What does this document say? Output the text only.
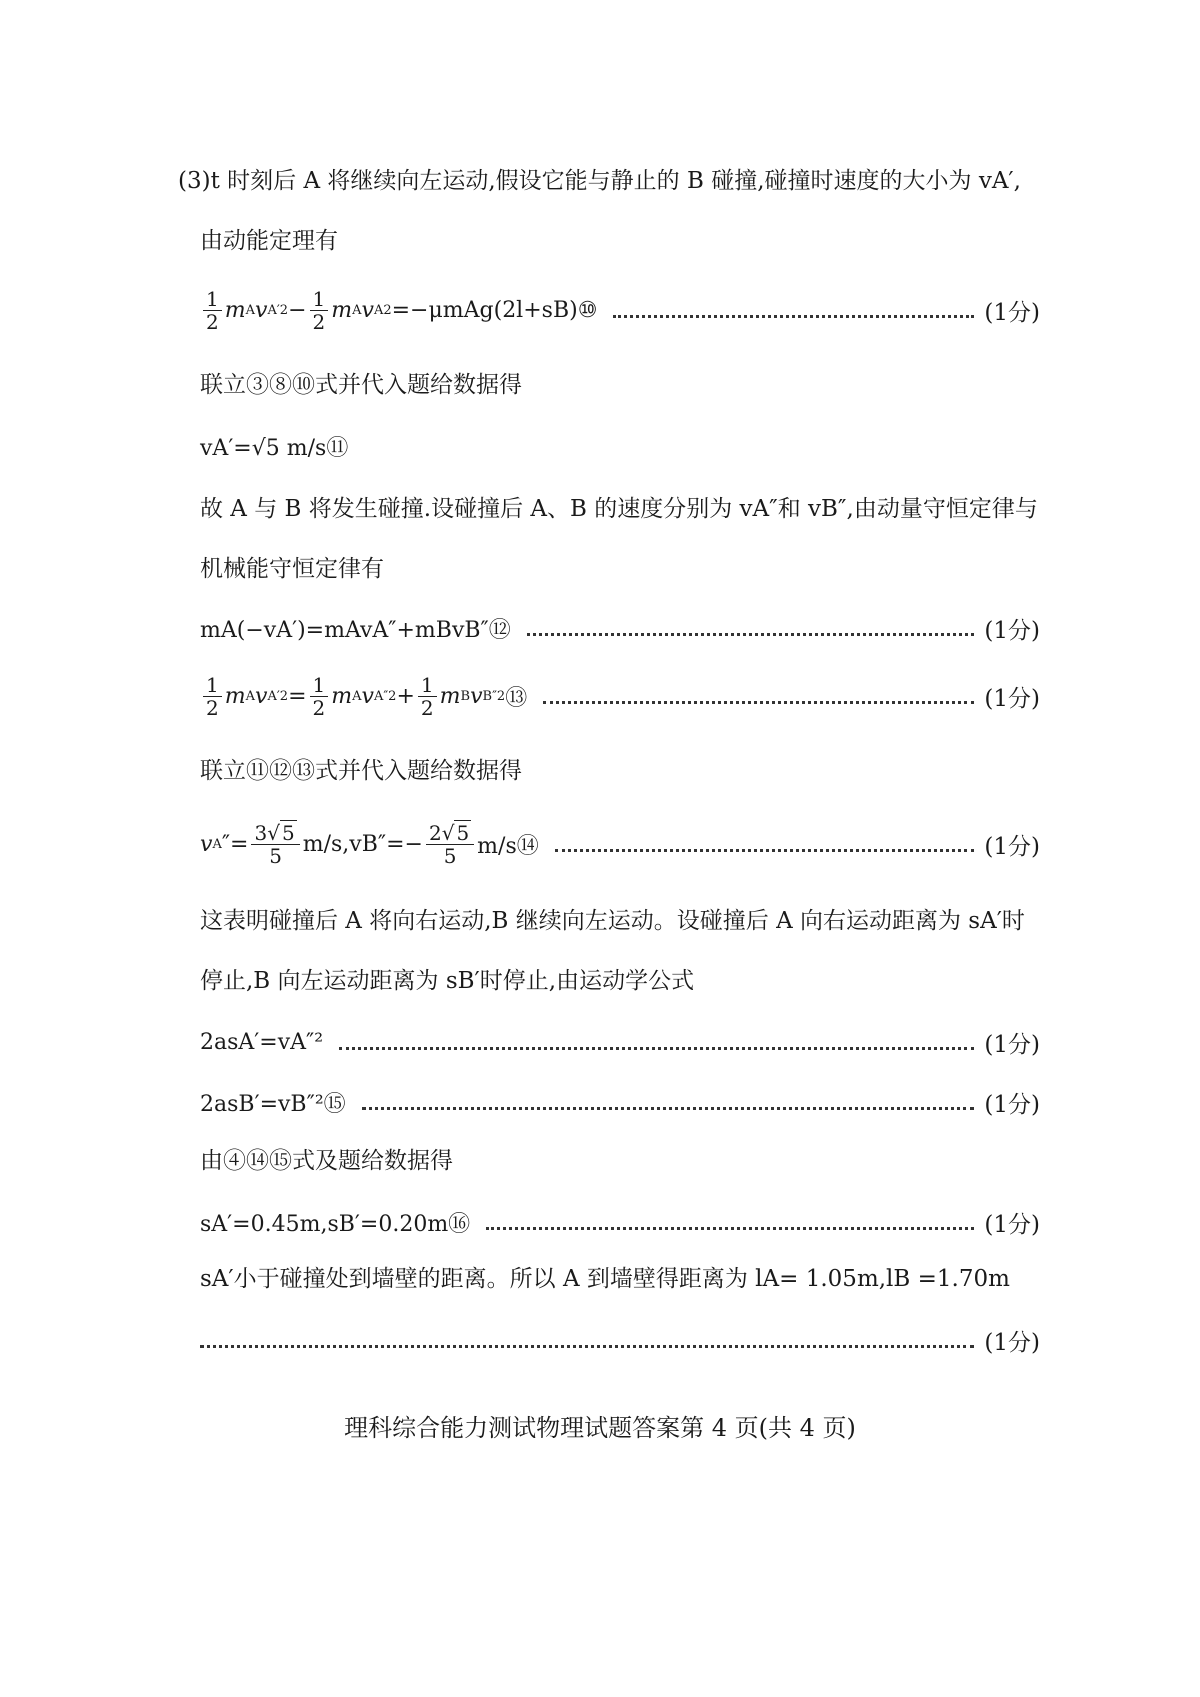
(3)t 时刻后 A 将继续向左运动,假设它能与静止的 B 碰撞,碰撞时速度的大小为 vA′,
由动能定理有
$\frac{1}{2}$ m A v A $'2 - \frac{1}{2}$ m A v A 2 =−μmAg(2l+sB)⑩	(1分)
联立③⑧⑩式并代入题给数据得
vA′=√5 m/s⑪
故 A 与 B 将发生碰撞.设碰撞后 A、B 的速度分别为 vA″和 vB″,由动量守恒定律与
机械能守恒定律有
mA(−vA′)=mAvA″+mBvB″⑫	(1分)
$\frac{1}{2}$ m A v A $'2 = \frac{1}{2}$ m A v A $''2 + \frac{1}{2}$ m B v B ″2 ⑬	(1分)
联立⑪⑫⑬式并代入题给数据得
v A ″= $\frac{3√ 5}{5} m/s,vB''=- \frac{2√ 5}{5}$ m/s⑭	(1分)
这表明碰撞后 A 将向右运动,B 继续向左运动。设碰撞后 A 向右运动距离为 sA′时
停止,B 向左运动距离为 sB′时停止,由运动学公式
2asA′=vA″²	(1分)
2asB′=vB″²⑮	(1分)
由④⑭⑮式及题给数据得
sA′=0.45m,sB′=0.20m⑯	(1分)
sA′小于碰撞处到墙壁的距离。所以 A 到墙壁得距离为 lA= 1.05m,lB =1.70m
(1分)
理科综合能力测试物理试题答案第 4 页(共 4 页)
